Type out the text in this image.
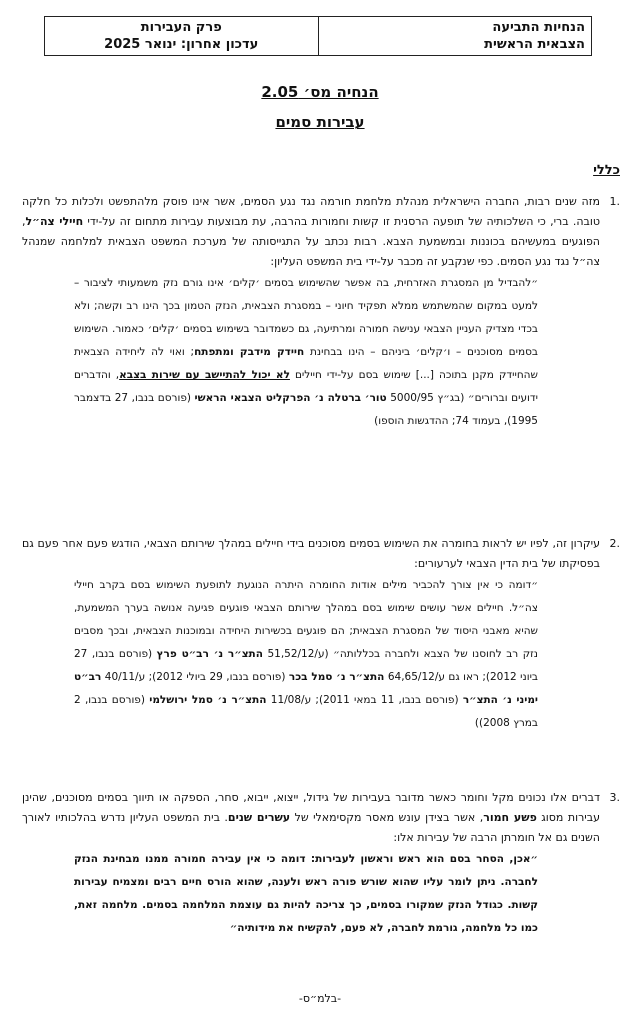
הנחיות התביעה
הצבאית הראשית

פרק העבירות
עדכון אחרון: ינואר 2025
הנחיה מס׳ 2.05
עבירות סמים
כללי
.1
מזה שנים רבות, החברה הישראלית מנהלת מלחמת חורמה נגד נגע הסמים, אשר אינו פוסק מלהתפשט ולכלות כל חלקה טובה. ברי, כי השלכותיה של תופעה הרסנית זו קשות וחמורות בהרבה, עת מבוצעות עבירות מתחום זה על-ידי חיילי צה״ל, הפוגעים במעשיהם בכוננות ובמשמעת הצבא. רבות נכתב על התגייסותה של מערכת המשפט הצבאית למלחמה שמנהל צה״ל נגד נגע הסמים. כפי שנקבע זה מכבר על-ידי בית המשפט העליון:
״להבדיל מן המסגרת האזרחית, בה אפשר שהשימוש בסמים ׳קלים׳ אינו גורם נזק משמעותי לציבור – למעט במקום שהמשתמש ממלא תפקיד חיוני – במסגרת הצבאית, הנזק הטמון בכך הינו רב וקשה; ולא בכדי מצדיק העניין הצבאי ענישה חמורה ומרתיעה, גם כשמדובר בשימוש בסמים ׳קלים׳ כאמור. השימוש בסמים מסוכנים – ו׳קלים׳ ביניהם – הינו בבחינת חיידק מידבק ומתפתח; ואוי לה ליחידה הצבאית שהחיידק מקנן בתוכה [...] שימוש בסם על-ידי חיילים לא יכול להתיישב עם שירות בצבא, והדברים ידועים וברורים״ (בג״ץ 5000/95 טור׳ ברטלה נ׳ הפרקליט הצבאי הראשי (פורסם בנבו, 27 בדצמבר 1995), בעמוד 74; ההדגשות הוספו)
.2
עיקרון זה, לפיו יש לראות בחומרה את השימוש בסמים מסוכנים בידי חיילים במהלך שירותם הצבאי, הודגש פעם אחר פעם גם בפסיקתו של בית הדין הצבאי לערעורים:
״דומה כי אין צורך להכביר מילים אודות החומרה היתרה הנוגעת לתופעת השימוש בסם בקרב חיילי צה״ל. חיילים אשר עושים שימוש בסם במהלך שירותם הצבאי פוגעים פגיעה אנושה בערך המשמעת, שהיא מאבני היסוד של המסגרת הצבאית; הם פוגעים בכשירות היחידה ובמוכנות הצבאית, ובכך מסבים נזק רב לחוסנו של הצבא ולחברה בכללותה״ (ע/51,52/12 התצ״ר נ׳ רב״ט פרץ (פורסם בנבו, 27 ביוני 2012); ראו גם ע/64,65/12 התצ״ר נ׳ סמל בכר (פורסם בנבו, 29 ביולי 2012); ע/40/11 רב״ט ימיני נ׳ התצ״ר (פורסם בנבו, 11 במאי 2011); ע/11/08 התצ״ר נ׳ סמל ירושלמי (פורסם בנבו, 2 במרץ 2008))
.3
דברים אלו נכונים מקל וחומר כאשר מדובר בעבירות של גידול, ייצוא, ייבוא, סחר, הספקה או תיווך בסמים מסוכנים, שהינן עבירות מסוג פשע חמור, אשר בצידן עונש מאסר מקסימאלי של עשרים שנים. בית המשפט העליון נדרש בהלכותיו לאורך השנים גם אל חומרתן הרבה של עבירות אלו:
״אכן, הסחר בסם הוא ראש וראשון לעבירות: דומה כי אין עבירה חמורה ממנו מבחינת הנזק לחברה. ניתן לומר עליו שהוא שורש פורה ראש ולענה, שהוא הורס חיים רבים ומצמיח עבירות קשות. כגודל הנזק שמקורו בסמים, כך צריכה להיות גם עוצמת המלחמה בסמים. מלחמה זאת, כמו כל מלחמה, גורמת לחברה, לא פעם, להקשיח את מידותיה״
-בלמ״ס-
